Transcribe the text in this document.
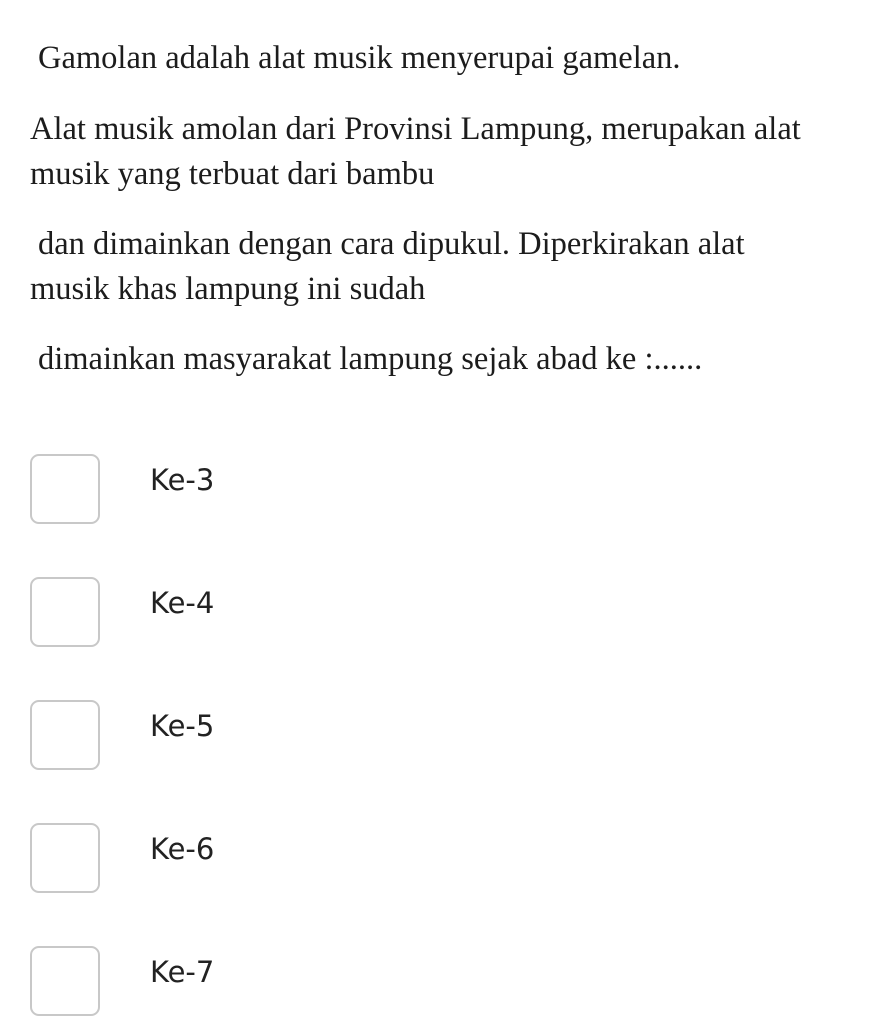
Gamolan adalah alat musik menyerupai gamelan.
Alat musik amolan dari Provinsi Lampung, merupakan alat
musik yang terbuat dari bambu
dan dimainkan dengan cara dipukul. Diperkirakan alat
musik khas lampung ini sudah
dimainkan masyarakat lampung sejak abad ke :......
Ke-3
Ke-4
Ke-5
Ke-6
Ke-7
